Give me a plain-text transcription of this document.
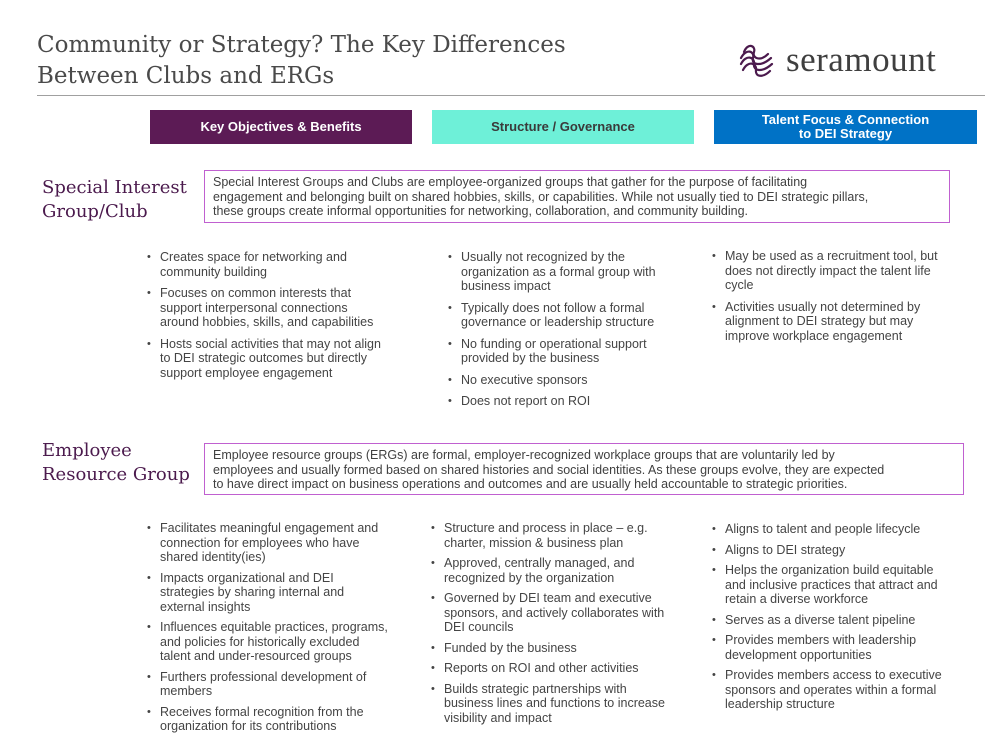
Community or Strategy? The Key Differences
Between Clubs and ERGs	seramount
Key Objectives & Benefits	Structure / Governance	Talent Focus & Connection
to DEI Strategy
Special Interest
Group/Club
Special Interest Groups and Clubs are employee-organized groups that gather for the purpose of facilitating
engagement and belonging built on shared hobbies, skills, or capabilities. While not usually tied to DEI strategic pillars,
these groups create informal opportunities for networking, collaboration, and community building.
• Creates space for networking and
community building
• Focuses on common interests that
support interpersonal connections
around hobbies, skills, and capabilities
• Hosts social activities that may not align
to DEI strategic outcomes but directly
support employee engagement
• Usually not recognized by the
organization as a formal group with
business impact
• Typically does not follow a formal
governance or leadership structure
• No funding or operational support
provided by the business
• No executive sponsors
• Does not report on ROI
• May be used as a recruitment tool, but
does not directly impact the talent life
cycle
• Activities usually not determined by
alignment to DEI strategy but may
improve workplace engagement
Employee
Resource Group
Employee resource groups (ERGs) are formal, employer-recognized workplace groups that are voluntarily led by
employees and usually formed based on shared histories and social identities. As these groups evolve, they are expected
to have direct impact on business operations and outcomes and are usually held accountable to strategic priorities.
• Facilitates meaningful engagement and
connection for employees who have
shared identity(ies)
• Impacts organizational and DEI
strategies by sharing internal and
external insights
• Influences equitable practices, programs,
and policies for historically excluded
talent and under-resourced groups
• Furthers professional development of
members
• Receives formal recognition from the
organization for its contributions
• Structure and process in place – e.g.
charter, mission & business plan
• Approved, centrally managed, and
recognized by the organization
• Governed by DEI team and executive
sponsors, and actively collaborates with
DEI councils
• Funded by the business
• Reports on ROI and other activities
• Builds strategic partnerships with
business lines and functions to increase
visibility and impact
• Aligns to talent and people lifecycle
• Aligns to DEI strategy
• Helps the organization build equitable
and inclusive practices that attract and
retain a diverse workforce
• Serves as a diverse talent pipeline
• Provides members with leadership
development opportunities
• Provides members access to executive
sponsors and operates within a formal
leadership structure
